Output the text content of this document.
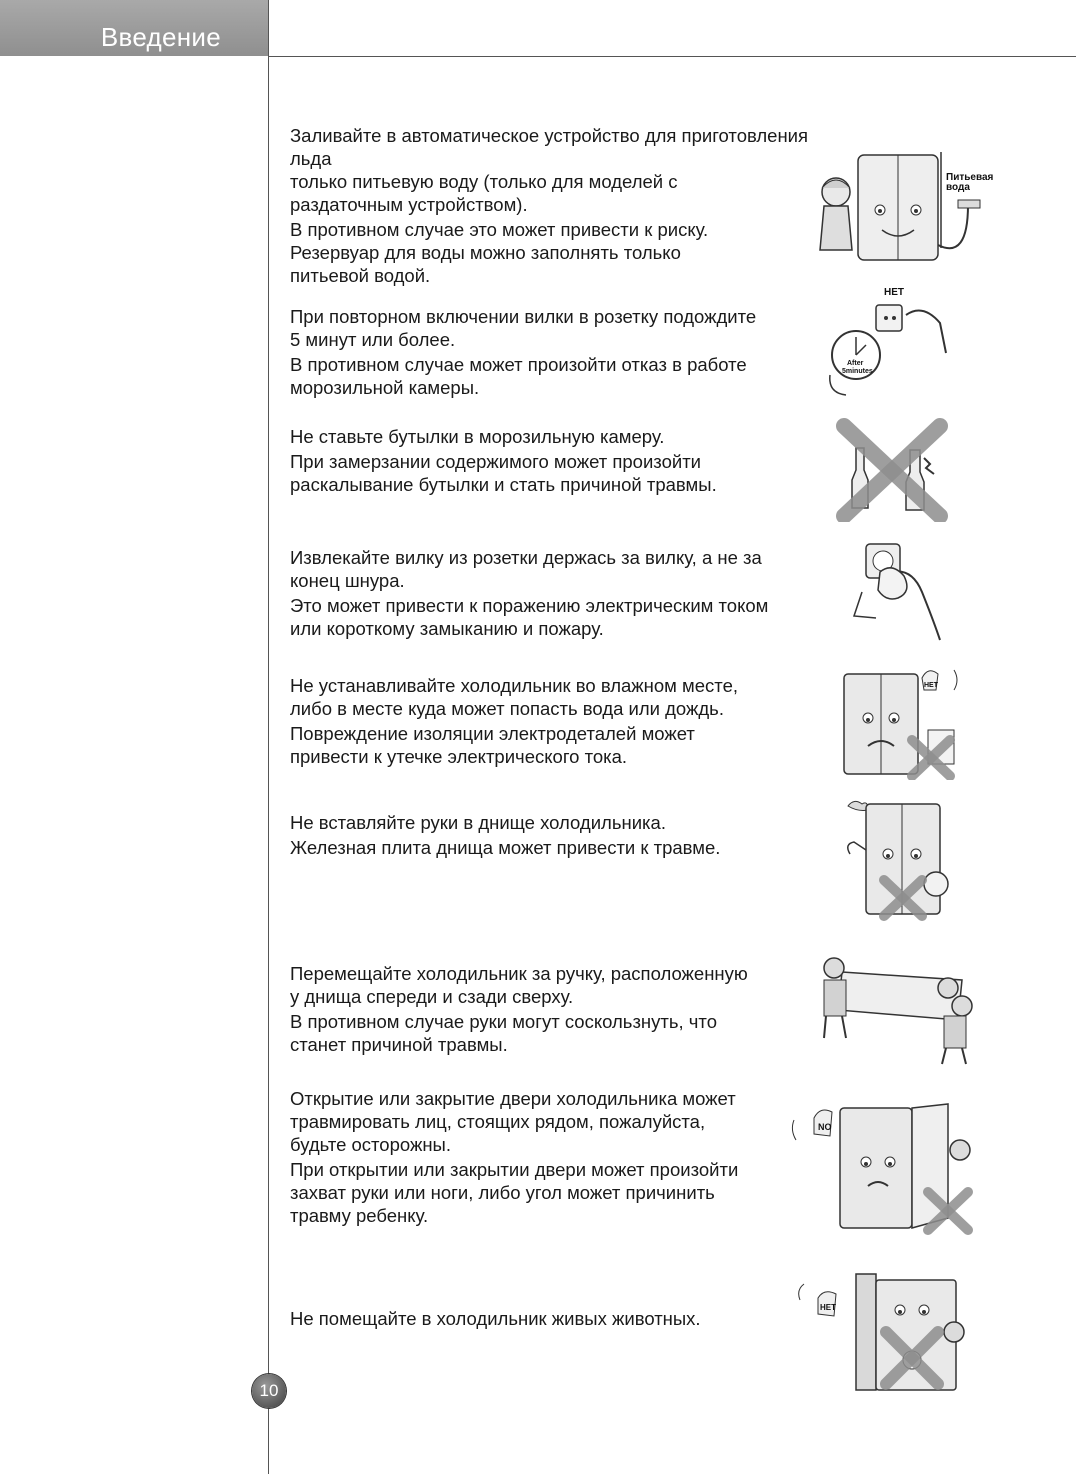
Введение

Заливайте в автоматическое устройство для приготовления льда
только питьевую воду (только для моделей с
раздаточным устройством).

В противном случае это может привести к риску.
Резервуар для воды можно заполнять только
питьевой водой.

Питьевая
вода

При повторном включении вилки в розетку подождите
5 минут или более.

В противном случае может произойти отказ в работе
морозильной камеры.

НЕТ
After
5minutes

Не ставьте бутылки в морозильную камеру.

При замерзании содержимого может произойти
раскалывание бутылки и стать причиной травмы.

Извлекайте вилку из розетки держась за вилку, а не за
конец шнура.

Это может привести к поражению электрическим током
или короткому замыканию и пожару.

Не устанавливайте холодильник во влажном месте,
либо в месте куда может попасть вода или дождь.

Повреждение изоляции электродеталей может
привести к утечке электрического тока.

НЕТ

Не вставляйте руки в днище холодильника.

Железная плита днища может привести к травме.

Перемещайте холодильник за ручку, расположенную
у днища спереди и сзади сверху.

В противном случае руки могут соскользнуть, что
станет причиной травмы.

Открытие или закрытие двери холодильника может
травмировать лиц, стоящих рядом, пожалуйста,
будьте осторожны.

При открытии или закрытии двери может произойти
захват руки или ноги, либо угол может причинить
травму ребенку.

NO

Не помещайте в холодильник живых животных.

НЕТ
10
